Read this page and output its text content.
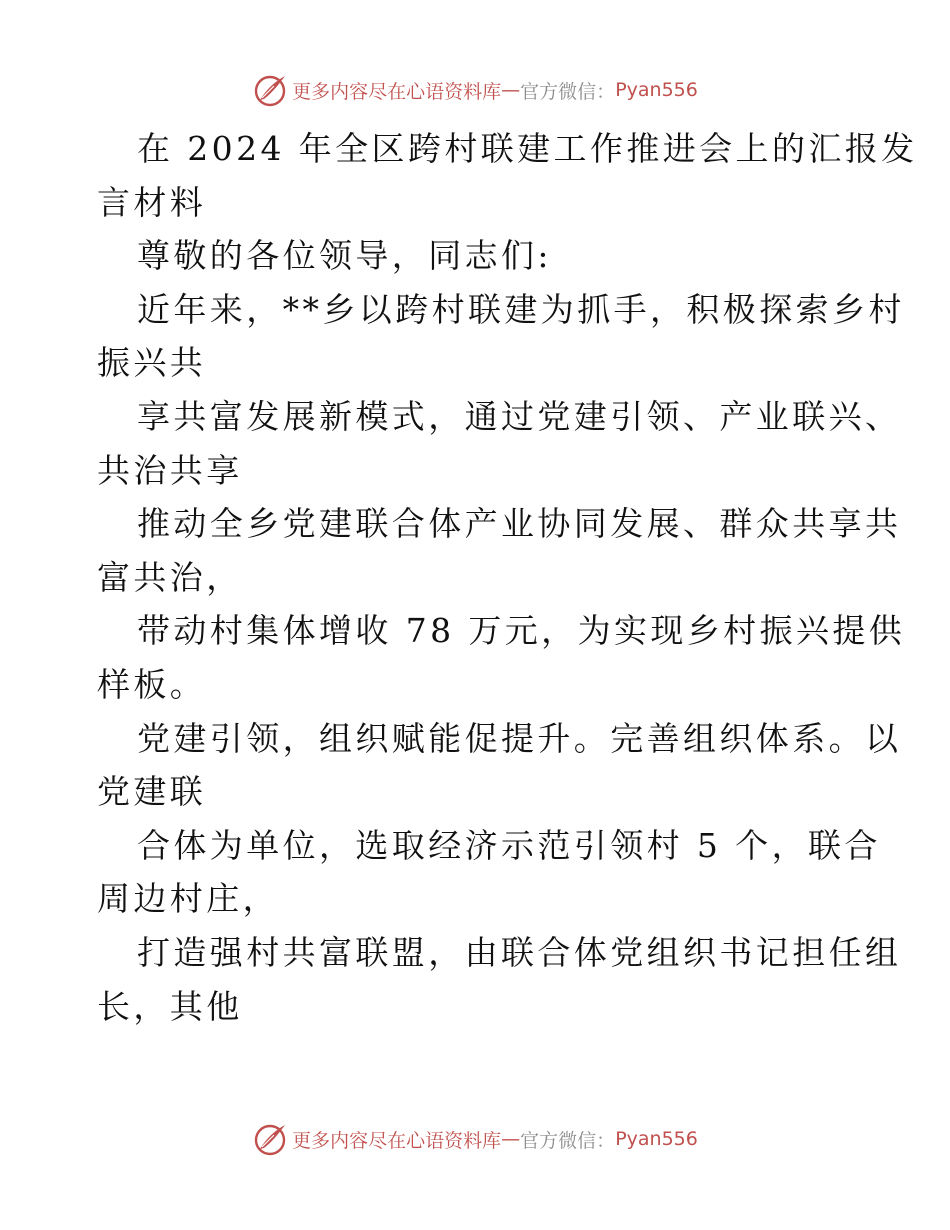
更多内容尽在心语资料库 — 官方微信： Pyan556

在 2024 年全区跨村联建工作推进会上的汇报发

言材料

尊敬的各位领导，同志们:

近年来，**乡以跨村联建为抓手，积极探索乡村

振兴共

享共富发展新模式，通过党建引领、产业联兴、

共治共享

推动全乡党建联合体产业协同发展、群众共享共

富共治，

带动村集体增收 78 万元，为实现乡村振兴提供

样板。

党建引领，组织赋能促提升。完善组织体系。以

党建联

合体为单位，选取经济示范引领村 5 个，联合

周边村庄，

打造强村共富联盟，由联合体党组织书记担任组

长，其他

更多内容尽在心语资料库 — 官方微信： Pyan556
